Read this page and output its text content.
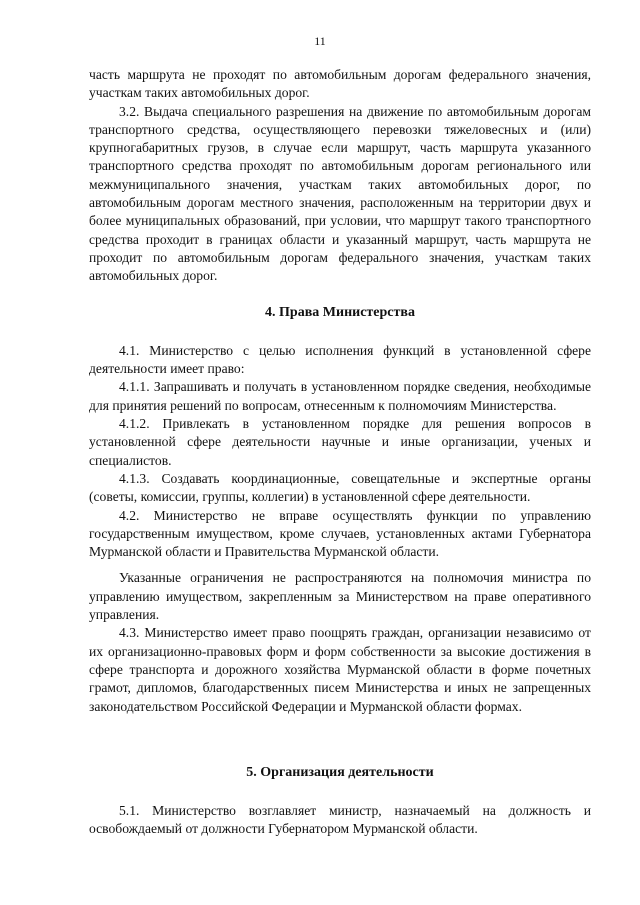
11

часть маршрута не проходят по автомобильным дорогам федерального значения, участкам таких автомобильных дорог.

3.2. Выдача специального разрешения на движение по автомобильным дорогам транспортного средства, осуществляющего перевозки тяжеловесных и (или) крупногабаритных грузов, в случае если маршрут, часть маршрута указанного транспортного средства проходят по автомобильным дорогам регионального или межмуниципального значения, участкам таких автомобильных дорог, по автомобильным дорогам местного значения, расположенным на территории двух и более муниципальных образований, при условии, что маршрут такого транспортного средства проходит в границах области и указанный маршрут, часть маршрута не проходит по автомобильным дорогам федерального значения, участкам таких автомобильных дорог.

4. Права Министерства

4.1. Министерство с целью исполнения функций в установленной сфере деятельности имеет право:

4.1.1. Запрашивать и получать в установленном порядке сведения, необходимые для принятия решений по вопросам, отнесенным к полномочиям Министерства.

4.1.2. Привлекать в установленном порядке для решения вопросов в установленной сфере деятельности научные и иные организации, ученых и специалистов.

4.1.3. Создавать координационные, совещательные и экспертные органы (советы, комиссии, группы, коллегии) в установленной сфере деятельности.

4.2. Министерство не вправе осуществлять функции по управлению государственным имуществом, кроме случаев, установленных актами Губернатора Мурманской области и Правительства Мурманской области.

Указанные ограничения не распространяются на полномочия министра по управлению имуществом, закрепленным за Министерством на праве оперативного управления.

4.3. Министерство имеет право поощрять граждан, организации независимо от их организационно-правовых форм и форм собственности за высокие достижения в сфере транспорта и дорожного хозяйства Мурманской области в форме почетных грамот, дипломов, благодарственных писем Министерства и иных не запрещенных законодательством Российской Федерации и Мурманской области формах.

5. Организация деятельности

5.1. Министерство возглавляет министр, назначаемый на должность и освобождаемый от должности Губернатором Мурманской области.
